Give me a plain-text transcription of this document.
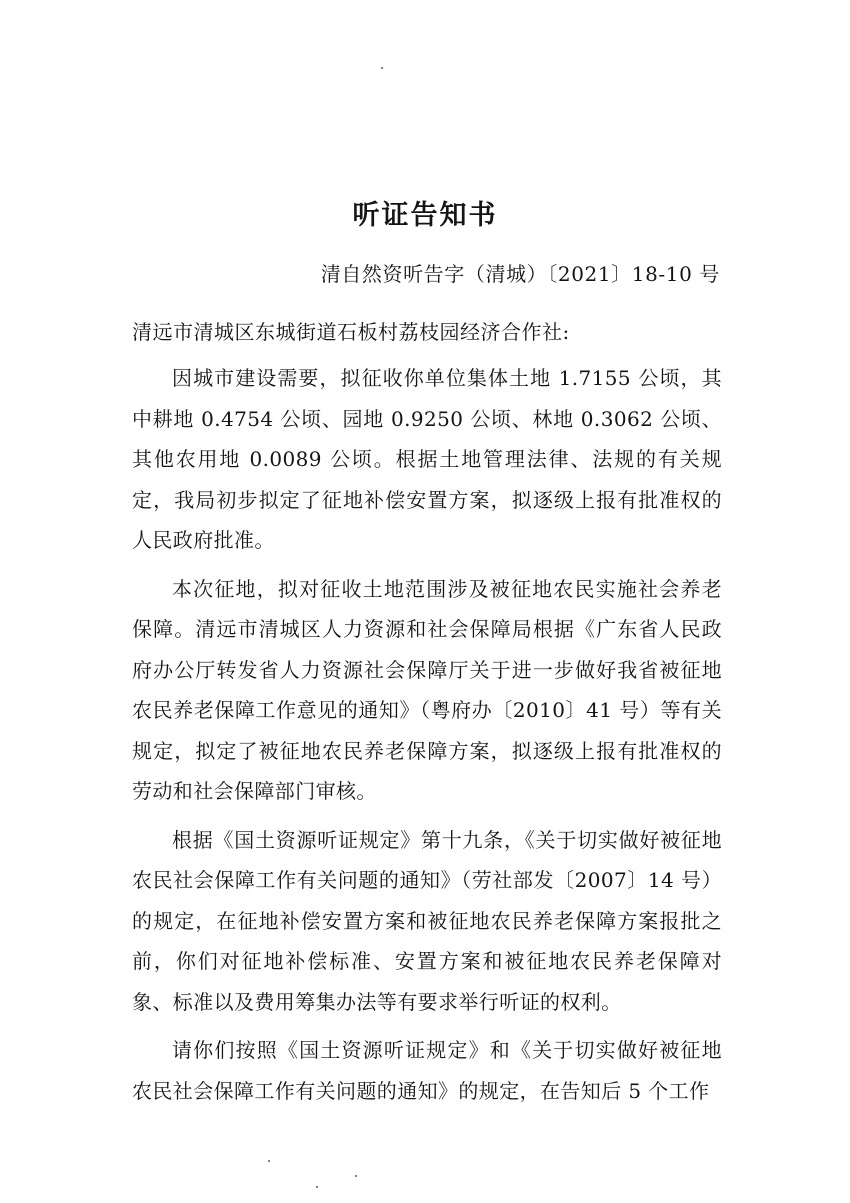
听证告知书
清自然资听告字（清城）〔2021〕18-10 号
清远市清城区东城街道石板村荔枝园经济合作社:

因城市建设需要，拟征收你单位集体土地 1.7155 公顷，其中耕地 0.4754 公顷、园地 0.9250 公顷、林地 0.3062 公顷、其他农用地 0.0089 公顷。根据土地管理法律、法规的有关规定，我局初步拟定了征地补偿安置方案，拟逐级上报有批准权的人民政府批准。

本次征地，拟对征收土地范围涉及被征地农民实施社会养老保障。清远市清城区人力资源和社会保障局根据《广东省人民政府办公厅转发省人力资源社会保障厅关于进一步做好我省被征地农民养老保障工作意见的通知》（粤府办〔2010〕41 号）等有关规定，拟定了被征地农民养老保障方案，拟逐级上报有批准权的劳动和社会保障部门审核。

根据《国土资源听证规定》第十九条，《关于切实做好被征地农民社会保障工作有关问题的通知》（劳社部发〔2007〕14 号）的规定，在征地补偿安置方案和被征地农民养老保障方案报批之前，你们对征地补偿标准、安置方案和被征地农民养老保障对象、标准以及费用筹集办法等有要求举行听证的权利。

请你们按照《国土资源听证规定》和《关于切实做好被征地农民社会保障工作有关问题的通知》的规定，在告知后 5 个工作
